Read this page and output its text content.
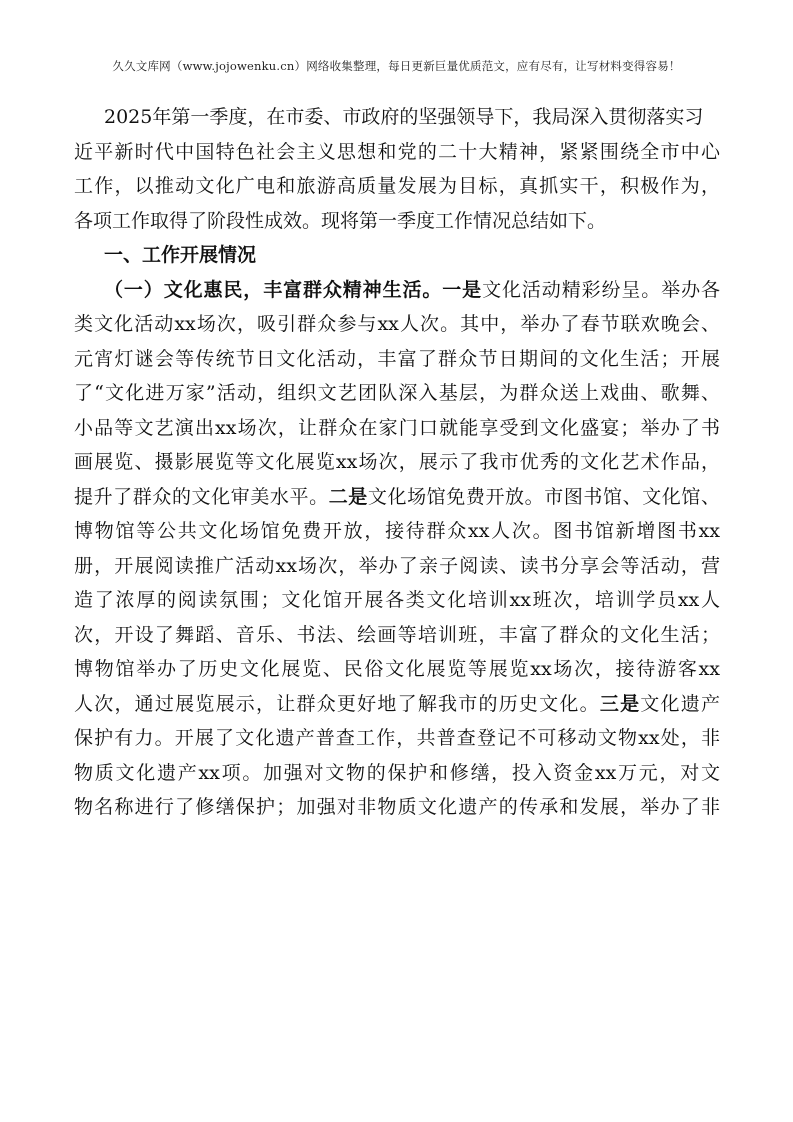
久久文库网（www.jojowenku.cn）网络收集整理，每日更新巨量优质范文，应有尽有，让写材料变得容易！
2025年第一季度，在市委、市政府的坚强领导下，我局深入贯彻落实习
近平新时代中国特色社会主义思想和党的二十大精神，紧紧围绕全市中心
工作，以推动文化广电和旅游高质量发展为目标，真抓实干，积极作为，
各项工作取得了阶段性成效。现将第一季度工作情况总结如下。
一、工作开展情况
（一）文化惠民，丰富群众精神生活。一是文化活动精彩纷呈。举办各
类文化活动xx场次，吸引群众参与xx人次。其中，举办了春节联欢晚会、
元宵灯谜会等传统节日文化活动，丰富了群众节日期间的文化生活；开展
了“文化进万家”活动，组织文艺团队深入基层，为群众送上戏曲、歌舞、
小品等文艺演出xx场次，让群众在家门口就能享受到文化盛宴；举办了书
画展览、摄影展览等文化展览xx场次，展示了我市优秀的文化艺术作品，
提升了群众的文化审美水平。二是文化场馆免费开放。市图书馆、文化馆、
博物馆等公共文化场馆免费开放，接待群众xx人次。图书馆新增图书xx
册，开展阅读推广活动xx场次，举办了亲子阅读、读书分享会等活动，营
造了浓厚的阅读氛围；文化馆开展各类文化培训xx班次，培训学员xx人
次，开设了舞蹈、音乐、书法、绘画等培训班，丰富了群众的文化生活；
博物馆举办了历史文化展览、民俗文化展览等展览xx场次，接待游客xx
人次，通过展览展示，让群众更好地了解我市的历史文化。三是文化遗产
保护有力。开展了文化遗产普查工作，共普查登记不可移动文物xx处，非
物质文化遗产xx项。加强对文物的保护和修缮，投入资金xx万元，对文
物名称进行了修缮保护；加强对非物质文化遗产的传承和发展，举办了非
